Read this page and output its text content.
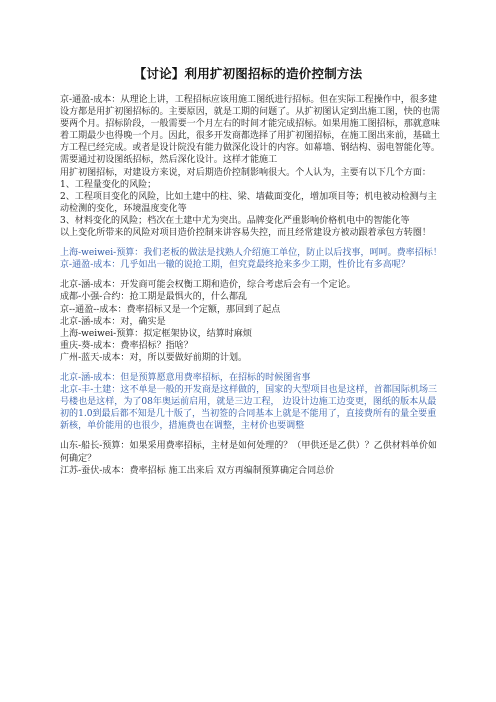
【讨论】利用扩初图招标的造价控制方法

京-通盈-成本：从理论上讲，工程招标应该用施工图纸进行招标。但在实际工程操作中，很多建设方都是用扩初图招标的。主要原因，就是工期的问题了。从扩初图认定到出施工图，快的也需要两个月。招标阶段，一般需要一个月左右的时间才能完成招标。如果用施工图招标，那就意味着工期最少也得晚一个月。因此，很多开发商都选择了用扩初图招标，在施工图出来前，基础土方工程已经完成。或者是设计院没有能力做深化设计的内容。如幕墙、钢结构、弱电智能化等。需要通过初设图纸招标，然后深化设计。这样才能施工

用扩初图招标，对建设方来说，对后期造价控制影响很大。个人认为，主要有以下几个方面：

1、工程量变化的风险；

2、工程项目变化的风险，比如土建中的柱、梁、墙截面变化，增加项目等；机电被动检测与主动检测的变化，环境温度变化等

3、材料变化的风险；档次在土建中尤为突出。品牌变化严重影响价格机电中的智能化等

以上变化所带来的风险对项目造价控制来讲容易失控，而且经常建设方被动跟着承包方转圈！

上海-weiwei-预算：我们老板的做法是找熟人介绍施工单位，防止以后找事，呵呵。费率招标！

京-通盈-成本：几乎如出一辙的说抢工期，但究竟最终抢来多少工期，性价比有多高呢？

北京-涵-成本：开发商可能会权衡工期和造价，综合考虑后会有一个定论。

成都-小强-合约：抢工期是最惧火的，什么都乱

京--通盈--成本：费率招标又是一个定额，那回到了起点

北京-涵-成本：对，确实是

上海-weiwei-预算：拟定框架协议，结算时麻烦

重庆-葵-成本：费率招标？指啥？

广州-蓝天-成本：对，所以要做好前期的计划。

北京-涵-成本：但是预算愿意用费率招标，在招标的时候图省事

北京-丰-土建：这不单是一般的开发商是这样做的，国家的大型项目也是这样，首都国际机场三号楼也是这样，为了08年奥运前启用，就是三边工程， 边设计边施工边变更，图纸的版本从最初的1.0到最后都不知是几十版了，当初签的合同基本上就是不能用了，直接费所有的量全要重新核，单价能用的也很少，措施费也在调整，主材价也要调整

山东-船长-预算：如果采用费率招标，主材是如何处理的？（甲供还是乙供）？乙供材料单价如何确定？

江苏-蚕伏-成本：费率招标 施工出来后 双方再编制预算确定合同总价
